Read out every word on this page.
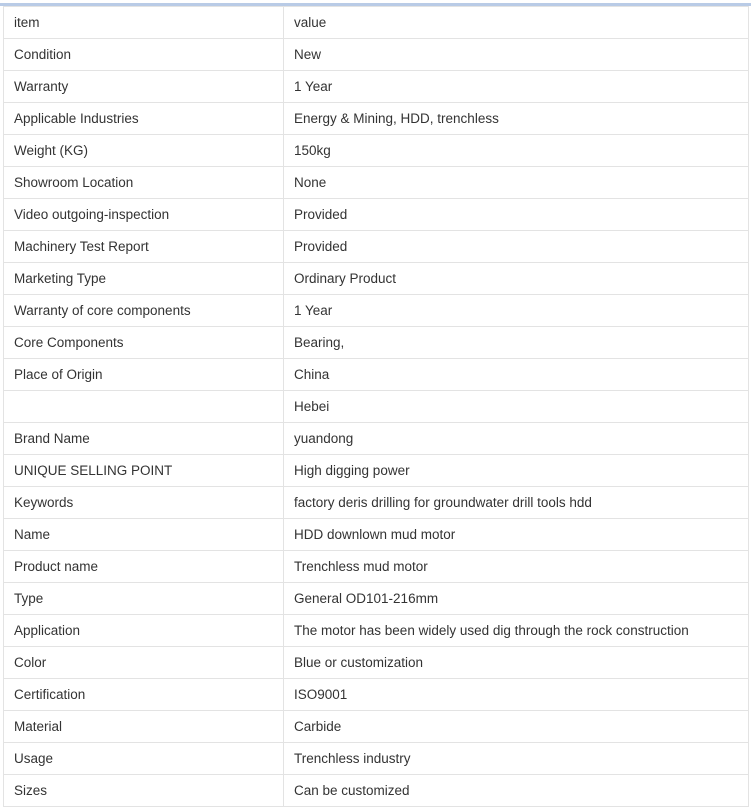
item	value
Condition	New
Warranty	1 Year
Applicable Industries	Energy & Mining, HDD, trenchless
Weight (KG)	150kg
Showroom Location	None
Video outgoing-inspection	Provided
Machinery Test Report	Provided
Marketing Type	Ordinary Product
Warranty of core components	1 Year
Core Components	Bearing,
Place of Origin	China
	Hebei
Brand Name	yuandong
UNIQUE SELLING POINT	High digging power
Keywords	factory deris drilling for groundwater drill tools hdd
Name	HDD downlown mud motor
Product name	Trenchless mud motor
Type	General OD101-216mm
Application	The motor has been widely used dig through the rock construction
Color	Blue or customization
Certification	ISO9001
Material	Carbide
Usage	Trenchless industry
Sizes	Can be customized
